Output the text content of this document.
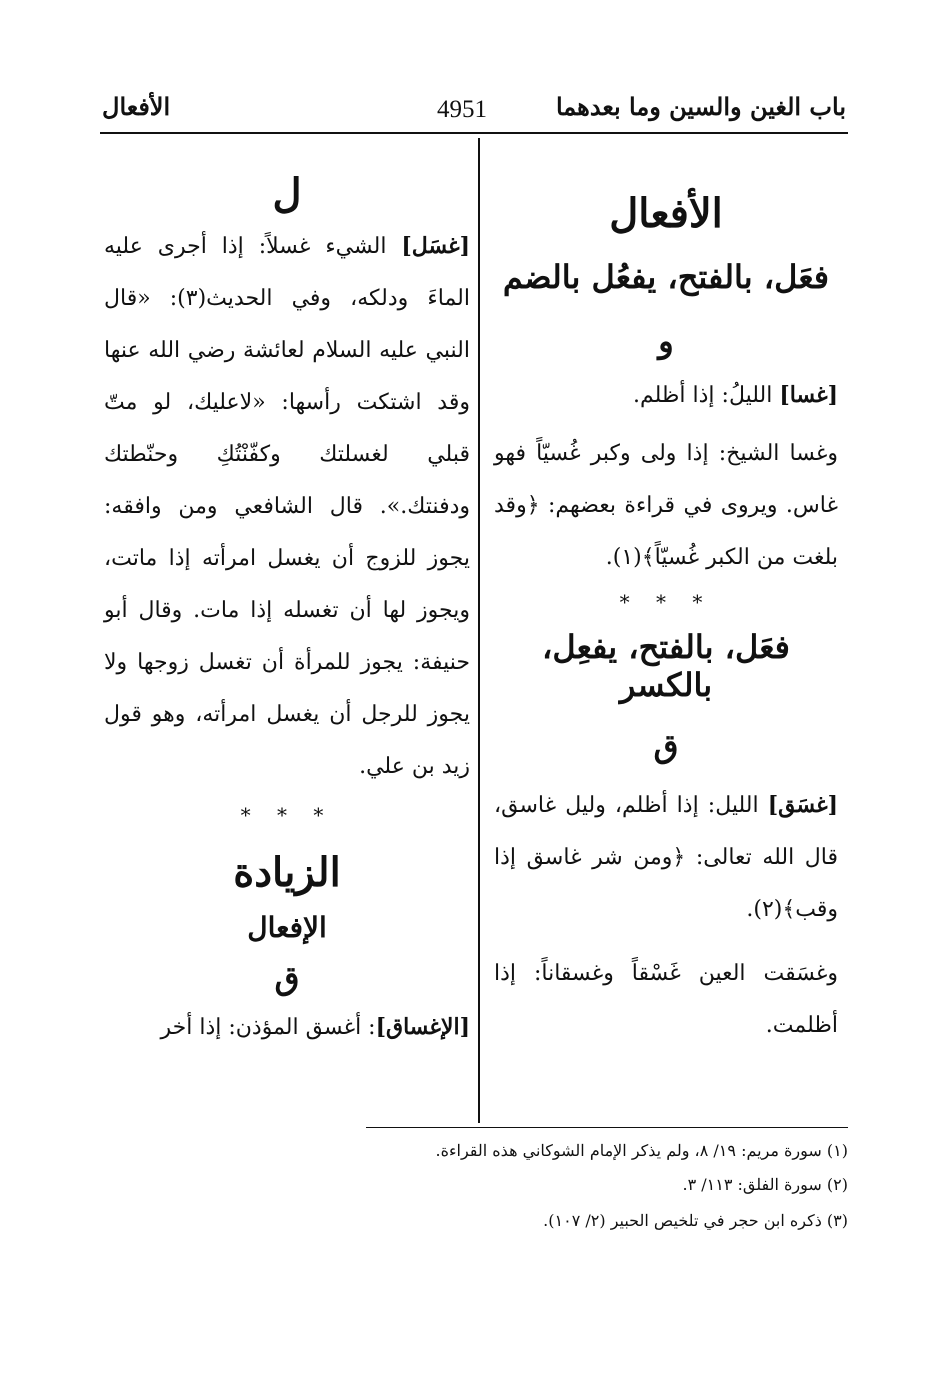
باب الغين والسين وما بعدهما
4951
الأفعال
الأفعال
فعَل، بالفتح، يفعُل بالضم
و

[غسا] الليلُ: إذا أظلم.

وغسا الشيخ: إذا ولى وكبر غُسيّاً فهو غاس. ويروى في قراءة بعضهم: ﴿وقد بلغت من الكبر غُسيّاً﴾(١).

* * *
فعَل، بالفتح، يفعِل، بالكسر
ق

[غسَق] الليل: إذا أظلم، وليل غاسق، قال الله تعالى: ﴿ومن شر غاسق إذا وقب﴾(٢).

وغسَقت العين غَسْقاً وغسقاناً: إذا أظلمت.

ل

[غسَل] الشيء غسلاً: إذا أجرى عليه الماءَ ودلكه، وفي الحديث(٣): «قال النبي عليه السلام لعائشة رضي الله عنها وقد اشتكت رأسها: «لاعليك، لو متّ قبلي لغسلتك وكفّنْتُكِ وحنّطتك ودفنتك.». قال الشافعي ومن وافقه: يجوز للزوج أن يغسل امرأته إذا ماتت، ويجوز لها أن تغسله إذا مات. وقال أبو حنيفة: يجوز للمرأة أن تغسل زوجها ولا يجوز للرجل أن يغسل امرأته، وهو قول زيد بن علي.

* * *
الزيادة
الإفعال
ق

[الإغساق]: أغسق المؤذن: إذا أخر

(١) سورة مريم: ١٩/ ٨، ولم يذكر الإمام الشوكاني هذه القراءة.
(٢) سورة الفلق: ١١٣/ ٣.
(٣) ذكره ابن حجر في تلخيص الحبير (٢/ ١٠٧).
